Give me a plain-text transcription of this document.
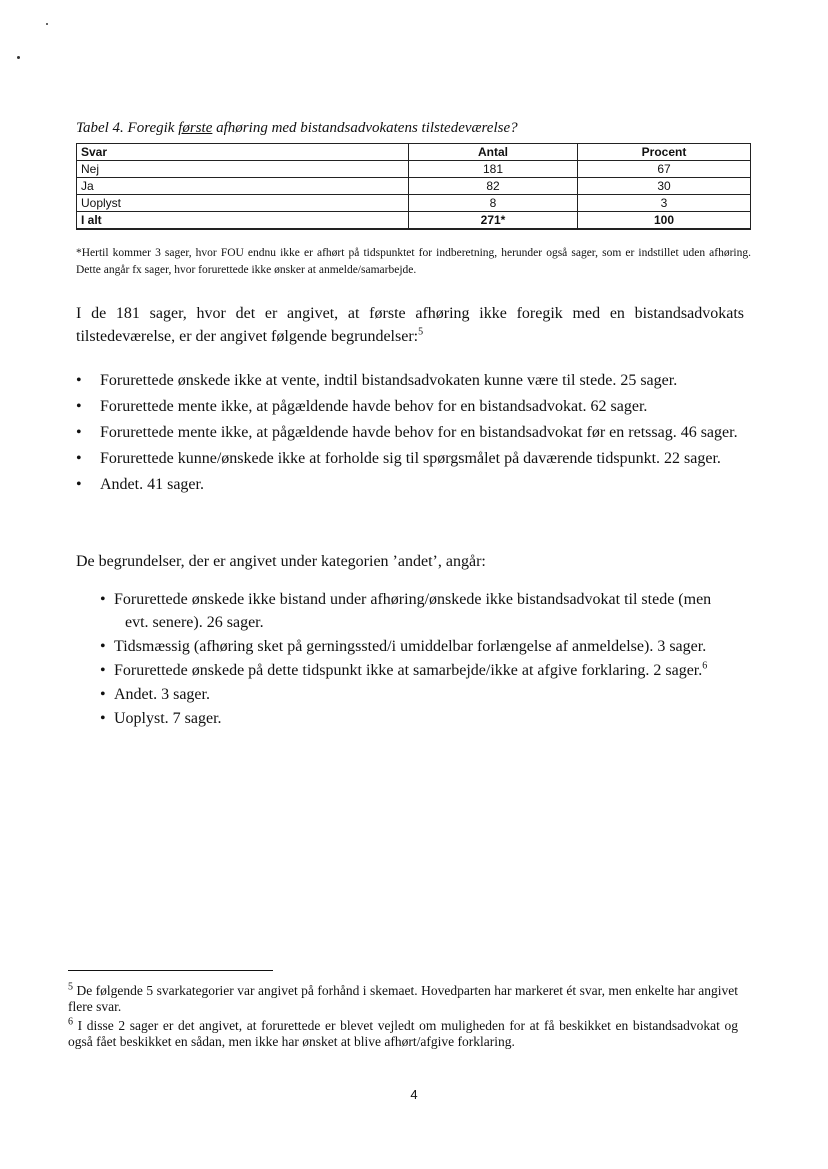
Tabel 4. Foregik første afhøring med bistandsadvokatens tilstedeværelse?
Svar	Antal	Procent
Nej	181	67
Ja	82	30
Uoplyst	8	3
I alt	271*	100
*Hertil kommer 3 sager, hvor FOU endnu ikke er afhørt på tidspunktet for indberetning, herunder også sager, som er indstillet uden afhøring. Dette angår fx sager, hvor forurettede ikke ønsker at anmelde/samarbejde.
I de 181 sager, hvor det er angivet, at første afhøring ikke foregik med en bistandsadvokats tilstedeværelse, er der angivet følgende begrundelser:$^5$
• Forurettede ønskede ikke at vente, indtil bistandsadvokaten kunne være til stede. 25 sager.
• Forurettede mente ikke, at pågældende havde behov for en bistandsadvokat. 62 sager.
• Forurettede mente ikke, at pågældende havde behov for en bistandsadvokat før en retssag. 46 sager.
• Forurettede kunne/ønskede ikke at forholde sig til spørgsmålet på daværende tidspunkt. 22 sager.
• Andet. 41 sager.
De begrundelser, der er angivet under kategorien ’andet’, angår:
• Forurettede ønskede ikke bistand under afhøring/ønskede ikke bistandsadvokat til stede (men
evt. senere). 26 sager.
• Tidsmæssig (afhøring sket på gerningssted/i umiddelbar forlængelse af anmeldelse). 3 sager.
• Forurettede ønskede på dette tidspunkt ikke at samarbejde/ikke at afgive forklaring. 2 sager.$^6$
• Andet. 3 sager.
• Uoplyst. 7 sager.
$^5$ De følgende 5 svarkategorier var angivet på forhånd i skemaet. Hovedparten har markeret ét svar, men enkelte har angivet flere svar.
$^6$ I disse 2 sager er det angivet, at forurettede er blevet vejledt om muligheden for at få beskikket en bistandsadvokat og også fået beskikket en sådan, men ikke har ønsket at blive afhørt/afgive forklaring.
4
